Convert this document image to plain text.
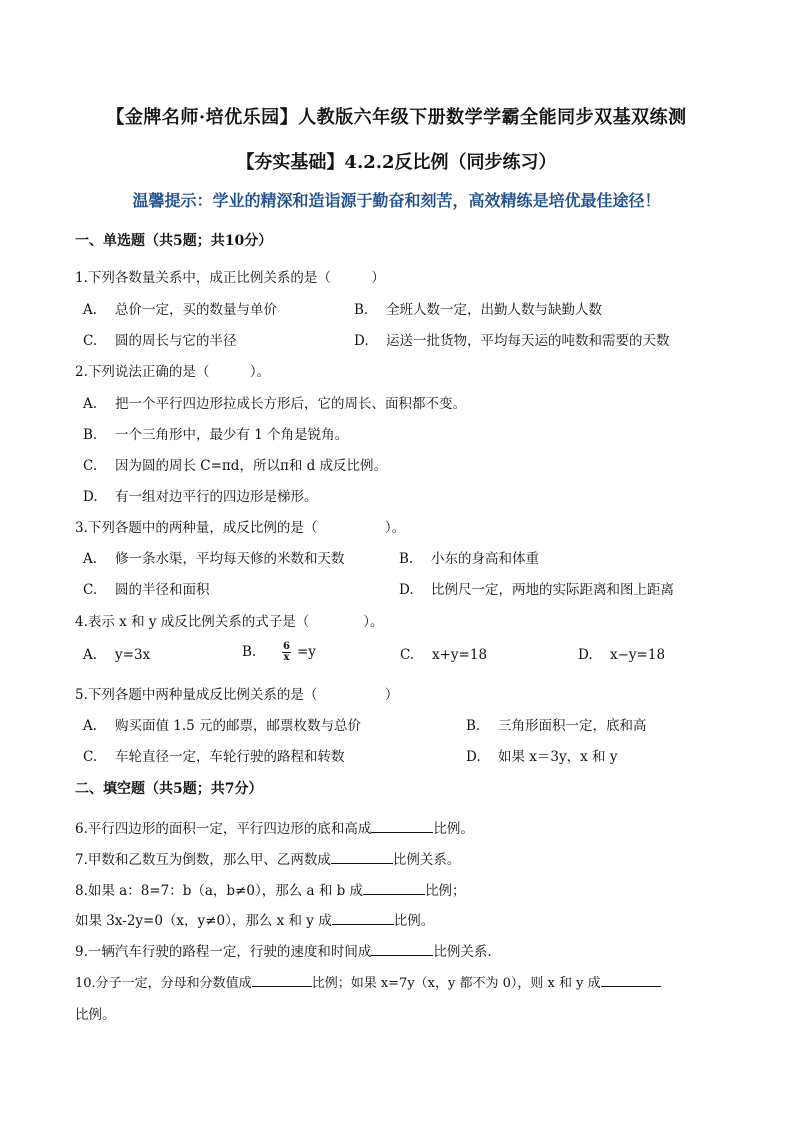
【金牌名师·培优乐园】人教版六年级下册数学学霸全能同步双基双练测
【夯实基础】4.2.2反比例（同步练习）
温馨提示：学业的精深和造诣源于勤奋和刻苦，高效精练是培优最佳途径！
一、单选题（共5题；共10分）
1.下列各数量关系中，成正比例关系的是（　　　）
A. 总价一定，买的数量与单价	B. 全班人数一定，出勤人数与缺勤人数
C. 圆的周长与它的半径	D. 运送一批货物，平均每天运的吨数和需要的天数
2.下列说法正确的是（　　　）。
A. 把一个平行四边形拉成长方形后，它的周长、面积都不变。
B. 一个三角形中，最少有 1 个角是锐角。
C. 因为圆的周长 C=πd，所以π和 d 成反比例。
D. 有一组对边平行的四边形是梯形。
3.下列各题中的两种量，成反比例的是（　　　　　）。
A. 修一条水渠，平均每天修的米数和天数	B. 小东的身高和体重
C. 圆的半径和面积	D. 比例尺一定，两地的实际距离和图上距离
4.表示 x 和 y 成反比例关系的式子是（　　　　）。
A. y=3x	B.	$\frac{6}{x} =y$	C. x+y=18	D. x−y=18
5.下列各题中两种量成反比例关系的是（　　　　　）
A. 购买面值 1.5 元的邮票，邮票枚数与总价	B. 三角形面积一定，底和高
C. 车轮直径一定，车轮行驶的路程和转数	D. 如果 x＝3y，x 和 y
二、填空题（共5题；共7分）
6.平行四边形的面积一定，平行四边形的底和高成	比例。
7.甲数和乙数互为倒数，那么甲、乙两数成	比例关系。
8.如果 a：8=7：b（a，b≠0），那么 a 和 b 成	比例；
如果 3x-2y=0（x，y≠0），那么 x 和 y 成	比例。
9.一辆汽车行驶的路程一定，行驶的速度和时间成	比例关系.
10.分子一定，分母和分数值成	比例；如果 x=7y（x，y 都不为 0），则 x 和 y 成
比例。
